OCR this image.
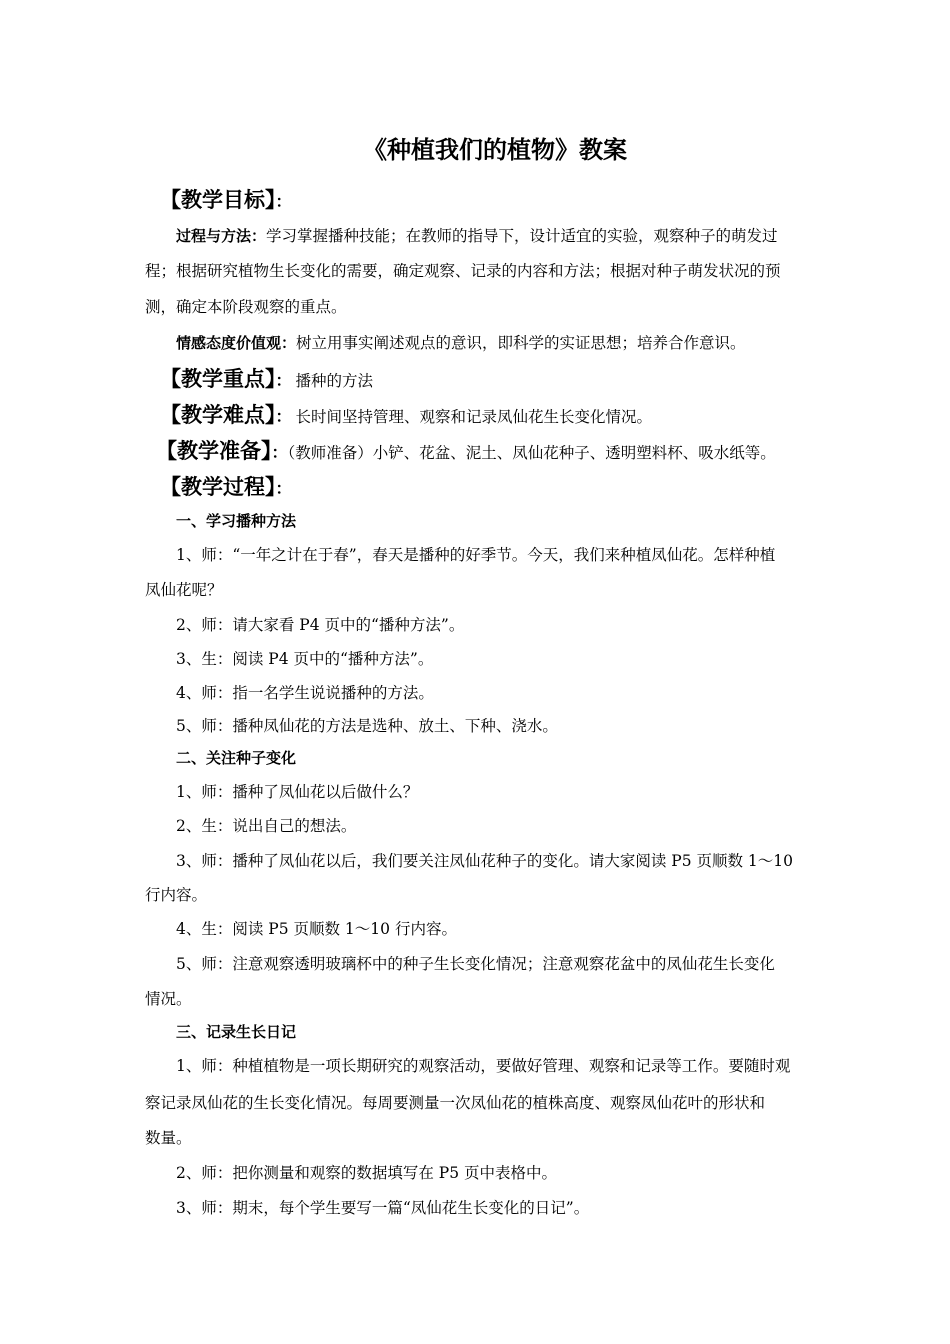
《种植我们的植物》教案
【教学目标】：
过程与方法：学习掌握播种技能；在教师的指导下，设计适宜的实验，观察种子的萌发过
程；根据研究植物生长变化的需要，确定观察、记录的内容和方法；根据对种子萌发状况的预
测，确定本阶段观察的重点。
情感态度价值观：树立用事实阐述观点的意识，即科学的实证思想；培养合作意识。
【教学重点】： 播种的方法
【教学难点】： 长时间坚持管理、观察和记录凤仙花生长变化情况。
【教学准备】：（教师准备）小铲、花盆、泥土、凤仙花种子、透明塑料杯、吸水纸等。
【教学过程】：
一、学习播种方法
1、师：“一年之计在于春”，春天是播种的好季节。今天，我们来种植凤仙花。怎样种植
凤仙花呢？
2、师：请大家看 P4 页中的“播种方法”。
3、生：阅读 P4 页中的“播种方法”。
4、师：指一名学生说说播种的方法。
5、师：播种凤仙花的方法是选种、放土、下种、浇水。
二、关注种子变化
1、师：播种了凤仙花以后做什么？
2、生：说出自己的想法。
3、师：播种了凤仙花以后，我们要关注凤仙花种子的变化。请大家阅读 P5 页顺数 1～10
行内容。
4、生：阅读 P5 页顺数 1～10 行内容。
5、师：注意观察透明玻璃杯中的种子生长变化情况；注意观察花盆中的凤仙花生长变化
情况。
三、记录生长日记
1、师：种植植物是一项长期研究的观察活动，要做好管理、观察和记录等工作。要随时观
察记录凤仙花的生长变化情况。每周要测量一次凤仙花的植株高度、观察凤仙花叶的形状和
数量。
2、师：把你测量和观察的数据填写在 P5 页中表格中。
3、师：期末，每个学生要写一篇“凤仙花生长变化的日记”。
